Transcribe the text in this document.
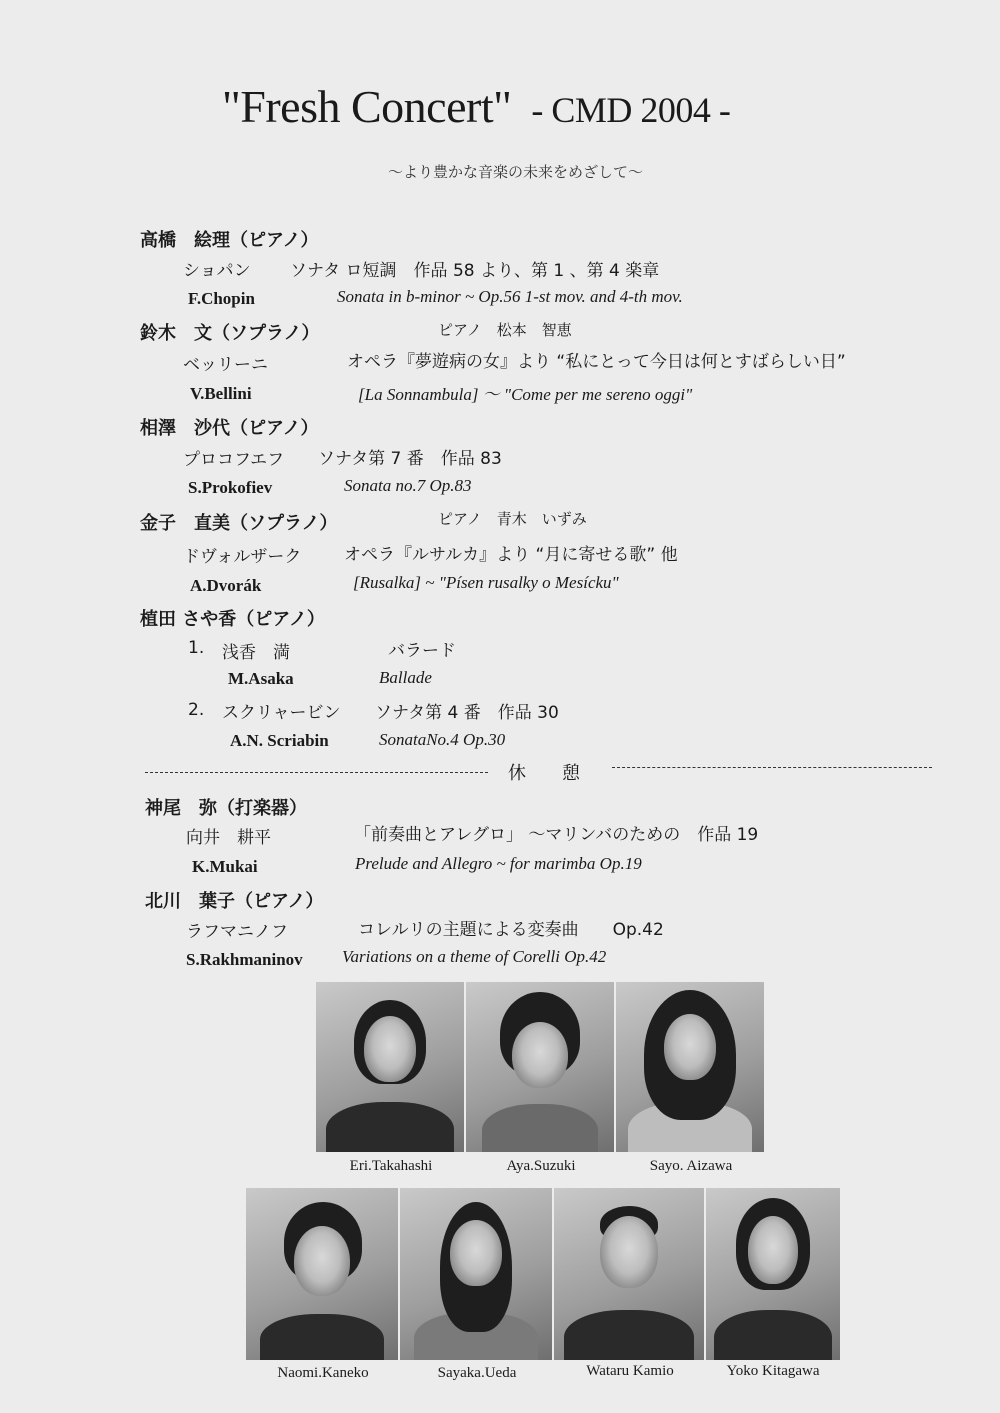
"Fresh Concert" - CMD 2004 -
～より豊かな音楽の未来をめざして～
高橋　絵理（ピアノ）
ショパン ソナタ ロ短調　作品 58 より、第 1 、第 4 楽章
F.Chopin	Sonata in b-minor ~ Op.56 1-st mov. and 4-th mov.
鈴木　文（ソプラノ）	ピアノ　松本　智恵
ベッリーニ	オペラ『夢遊病の女』より “私にとって今日は何とすばらしい日”
V.Bellini	[La Sonnambula] ～ "Come per me sereno oggi"
相澤　沙代（ピアノ）
プロコフエフ ソナタ第 7 番　作品 83
S.Prokofiev	Sonata no.7 Op.83
金子　直美（ソプラノ）	ピアノ　青木　いずみ
ドヴォルザーク	オペラ『ルサルカ』より “月に寄せる歌” 他
A.Dvorák	[Rusalka] ~ "Písen rusalky o Mesícku"
植田 さや香（ピアノ）
1. 浅香　満	バラード
M.Asaka	Ballade
2. スクリャービン ソナタ第 4 番　作品 30
A.N. Scriabin	SonataNo.4 Op.30
休　　憩
神尾　弥（打楽器）
向井　耕平	「前奏曲とアレグロ」 ～マリンバのための　作品 19
K.Mukai	Prelude and Allegro ~ for marimba Op.19
北川　葉子（ピアノ）
ラフマニノフ	コレルリの主題による変奏曲　　Op.42
S.Rakhmaninov Variations on a theme of Corelli Op.42
Eri.Takahashi	Aya.Suzuki	Sayo. Aizawa
Naomi.Kaneko	Sayaka.Ueda	Wataru Kamio	Yoko Kitagawa
